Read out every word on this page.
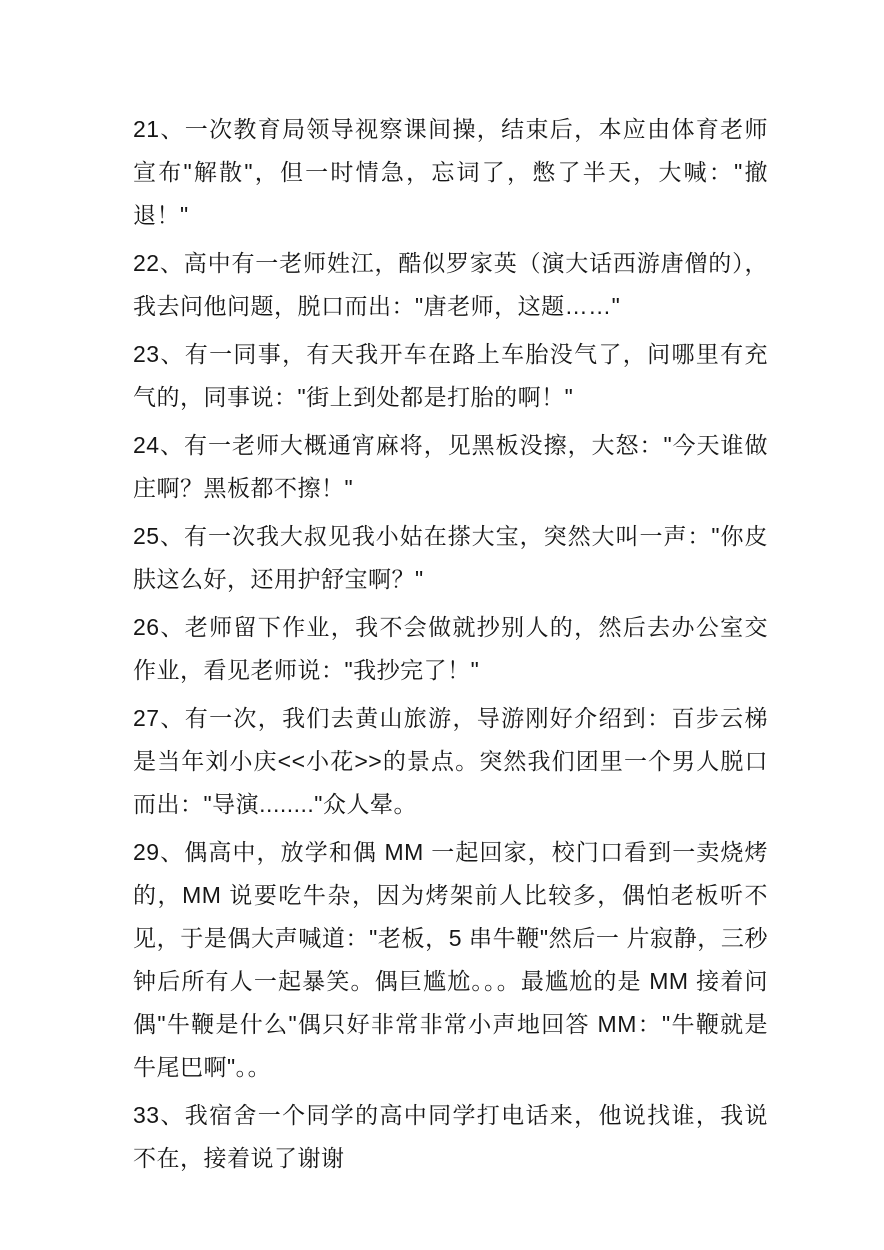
21、一次教育局领导视察课间操，结束后，本应由体育老师宣布"解散"，但一时情急，忘词了，憋了半天，大喊："撤退！"

22、高中有一老师姓江，酷似罗家英（演大话西游唐僧的），我去问他问题，脱口而出："唐老师，这题……"

23、有一同事，有天我开车在路上车胎没气了，问哪里有充气的，同事说："街上到处都是打胎的啊！"

24、有一老师大概通宵麻将，见黑板没擦，大怒："今天谁做庄啊？黑板都不擦！"

25、有一次我大叔见我小姑在搽大宝，突然大叫一声："你皮肤这么好，还用护舒宝啊？"

26、老师留下作业，我不会做就抄别人的，然后去办公室交作业，看见老师说："我抄完了！"

27、有一次，我们去黄山旅游，导游刚好介绍到：百步云梯是当年刘小庆<<小花>>的景点。突然我们团里一个男人脱口而出："导演........"众人晕。

29、偶高中，放学和偶 MM 一起回家，校门口看到一卖烧烤的，MM 说要吃牛杂，因为烤架前人比较多，偶怕老板听不见，于是偶大声喊道："老板，5 串牛鞭"然后一 片寂静，三秒钟后所有人一起暴笑。偶巨尴尬。。。最尴尬的是 MM 接着问偶"牛鞭是什么"偶只好非常非常小声地回答 MM："牛鞭就是牛尾巴啊"。。

33、我宿舍一个同学的高中同学打电话来，他说找谁，我说不在，接着说了谢谢
